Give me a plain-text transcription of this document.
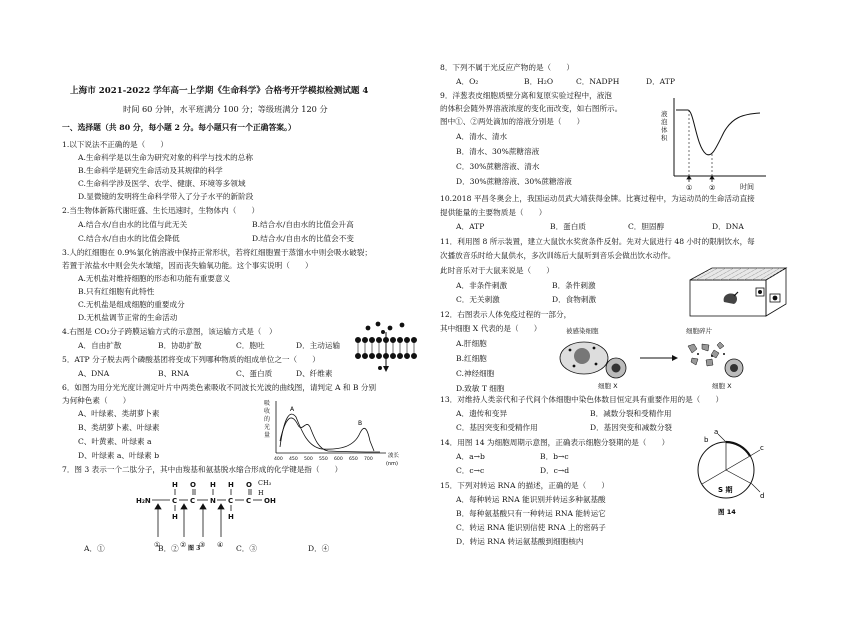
上海市 2021-2022 学年高一上学期《生命科学》合格考开学模拟检测试题 4
时间 60 分钟，水平班满分 100 分；等级班满分 120 分
一、选择题（共 80 分，每小题 2 分。每小题只有一个正确答案。）
1.以下说法不正确的是（　　）
A.生命科学是以生命为研究对象的科学与技术的总称
B.生命科学是研究生命活动及其规律的科学
C.生命科学涉及医学、农学、健康、环境等多领域
D.显微镜的发明将生命科学带入了分子水平的新阶段
2.当生物体新陈代谢旺盛、生长迅速时，生物体内（　　）
A.结合水/自由水的比值与此无关	B.结合水/自由水的比值会升高
C.结合水/自由水的比值会降低	D.结合水/自由水的比值会不变
3.人的红细胞在 0.9%氯化钠溶液中保持正常形状，若将红细胞置于蒸馏水中则会吸水破裂；
若置于浓盐水中则会失水皱缩，因而丧失输氧功能。这个事实说明（　　）
A.无机盐对维持细胞的形态和功能有重要意义
B.只有红细胞有此特性
C.无机盐是组成细胞的重要成分
D.无机盐调节正常的生命活动
4.右图是 CO₂分子跨膜运输方式的示意图，该运输方式是（　）
A．自由扩散	B．协助扩散	C．胞吐	D．主动运输
5．ATP 分子脱去两个磷酸基团将变成下列哪种物质的组成单位之一（　　）
A、DNA	B、RNA	C、蛋白质	D、纤维素
6．如图为用分光光度计测定叶片中两类色素吸收不同波长光波的曲线图，请判定 A 和 B 分别
为何种色素（　　）
A、叶绿素、类胡萝卜素
B、类胡萝卜素、叶绿素
C、叶黄素、叶绿素 a
D、叶绿素 a、叶绿素 b
吸
收
的
光
量
A
B
400 450 500 550 600 650 700
波长
(nm)
7．图 3 表示一个二肽分子，其中由羧基和氨基脱水缩合形成的化学键是指（　　）
H O H H O
H₂N	C C N C C OH
H	H
①	② ③ ④
CH₃
H
A．①	B．② 图 3	C．③	D．④
8．下列不属于光反应产物的是（　　）
A．O₂	B．H₂O	C．NADPH	D．ATP
9．洋葱表皮细胞质壁分离和复原实验过程中，液泡
的体积会随外界溶液浓度的变化而改变，如右图所示。
图中①、②两处滴加的溶液分别是（　　）
A．清水、清水
B．清水、30%蔗糖溶液
C．30%蔗糖溶液、清水
D．30%蔗糖溶液、30%蔗糖溶液
液
泡
体
积
① ②	时间
10.2018 平昌冬奥会上，我国运动员武大靖获得金牌。比赛过程中，为运动员的生命活动直接
提供能量的主要物质是（　　）
A．ATP	B．蛋白质	C．胆固醇	D．DNA
11．利用图 8 所示装置，建立大鼠饮水奖赏条件反射。先对大鼠进行 48 小时的限制饮水，每
次播放音乐时给大鼠供水，多次训练后大鼠听到音乐会做出饮水动作。
此时音乐对于大鼠来说是（　　）
A．非条件刺激	B．条件刺激
C．无关刺激	D．食物刺激
12．右图表示人体免疫过程的一部分，
其中细胞 X 代表的是（　　）
A.肝细胞
B.红细胞
C.神经细胞
D.致敏 T 细胞
被感染细胞	细胞碎片
细胞 X	细胞 X
13．对维持人类亲代和子代间个体细胞中染色体数目恒定具有重要作用的是（　　）
A．遗传和变异	B．减数分裂和受精作用
C．基因突变和受精作用	D．基因突变和减数分裂
14．用图 14 为细胞周期示意图，正确表示细胞分裂期的是（　　）
A．a→b	B．b→c
C．c→c	D．c→d
a
b
c
d
S 期
图 14
15．下列对转运 RNA 的描述，正确的是（　　）
A．每种转运 RNA 能识别并转运多种氨基酸
B．每种氨基酸只有一种转运 RNA 能转运它
C．转运 RNA 能识别信使 RNA 上的密码子
D．转运 RNA 转运氨基酸到细胞核内
